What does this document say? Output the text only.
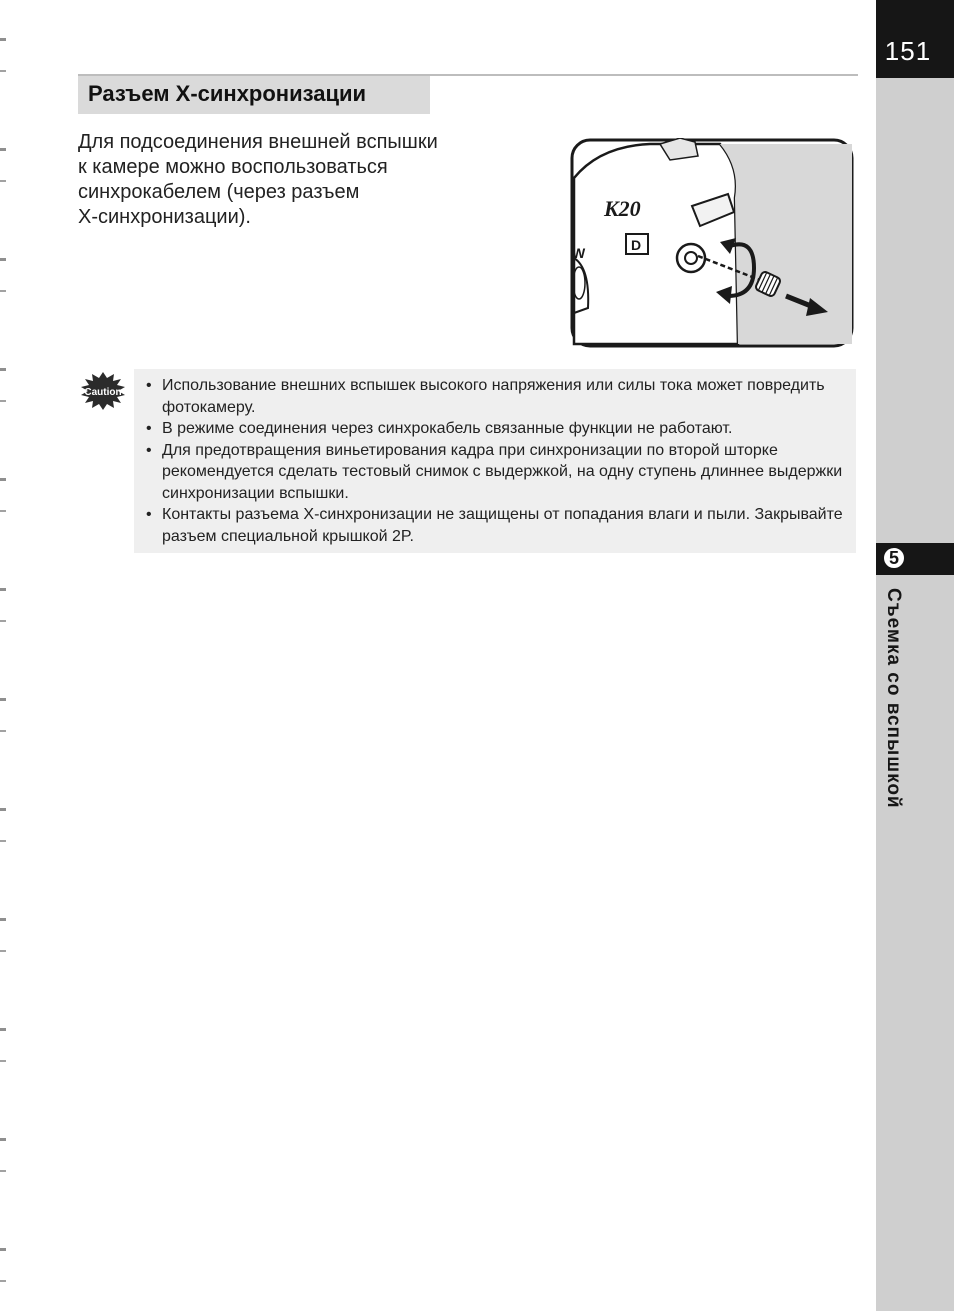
151
5
Съемка со вспышкой
Разъем X-синхронизации
Для подсоединения внешней вспышки
к камере можно воспользоваться
синхрокабелем (через разъем
X-синхронизации).
W
K20
D
Caution • Использование внешних вспышек высокого напряжения или силы тока может повредить фотокамеру.
• В режиме соединения через синхрокабель связанные функции не работают.
• Для предотвращения виньетирования кадра при синхронизации по второй шторке рекомендуется сделать тестовый снимок с выдержкой, на одну ступень длиннее выдержки синхронизации вспышки.
• Контакты разъема X-синхронизации не защищены от попадания влаги и пыли. Закрывайте разъем специальной крышкой 2P.
